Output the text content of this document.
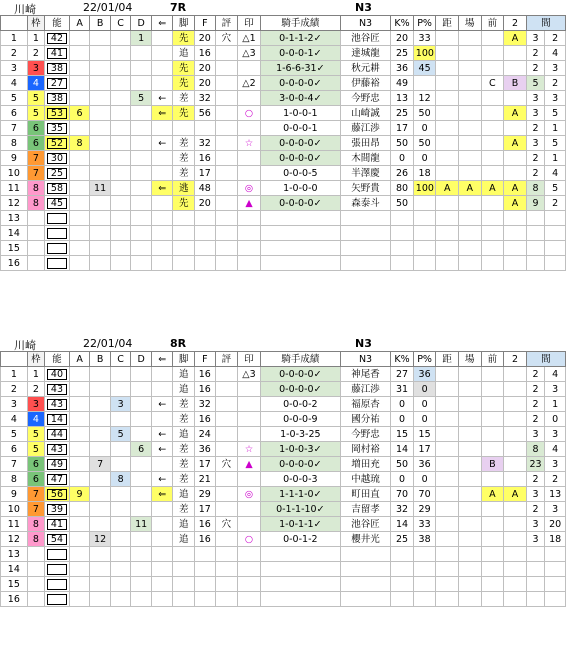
川崎	22/01/04	7R	N3
	枠	能	A	B	C	D	⇐	脚	F	評	印	騎手成績	N3	K%	P%	距	場	前	2	間	
1	1	42				1		先	20	穴	△1	0-1-1-2✓	池谷匠	20	33				A	3	2
2	2	41						追	16		△3	0-0-0-1✓	達城龍	25	100					2	4
3	3	38						先	20			1-6-6-31✓	秋元耕	36	45					2	3
4	4	27						先	20		△2	0-0-0-0✓	伊藤裕	49				C	B	5	2
5	5	38				5	←	差	32			3-0-0-4✓	今野忠	13	12					3	3
6	5	53	6				⇐	先	56		○	1-0-0-1	山崎誠	25	50				A	3	5
7	6	35										0-0-0-1	藤江渉	17	0					2	1
8	6	52	8				←	差	32		☆	0-0-0-0✓	張田昂	50	50				A	3	5
9	7	30						差	16			0-0-0-0✓	木間龍	0	0					2	1
10	7	25						差	17			0-0-0-5	半澤慶	26	18					2	4
11	8	58		11			⇐	逃	48		◎	1-0-0-0	矢野貴	80	100	A	A	A	A	8	5
12	8	45						先	20		▲	0-0-0-0✓	森泰斗	50					A	9	2
13																					
14																					
15																					
16																					
川崎	22/01/04	8R	N3
	枠	能	A	B	C	D	⇐	脚	F	評	印	騎手成績	N3	K%	P%	距	場	前	2	間	
1	1	40						追	16		△3	0-0-0-0✓	神尾香	27	36					2	4
2	2	43						追	16			0-0-0-0✓	藤江渉	31	0					2	3
3	3	43			3		←	差	32			0-0-0-2	福原杏	0	0					2	1
4	4	14						差	16			0-0-0-9	國分祐	0	0					2	0
5	5	44			5		←	追	24			1-0-3-25	今野忠	15	15					3	3
6	5	43				6	←	差	36		☆	1-0-0-3✓	岡村裕	14	17					8	4
7	6	49		7				差	17	穴	▲	0-0-0-0✓	増田充	50	36			B		23	3
8	6	47			8		←	差	21			0-0-0-3	中越琉	0	0					2	2
9	7	56	9				⇐	追	29		◎	1-1-1-0✓	町田直	70	70			A	A	3	13
10	7	39						差	17			0-1-1-10✓	吉留孝	32	29					2	3
11	8	41				11		追	16	穴		1-0-1-1✓	池谷匠	14	33					3	20
12	8	54		12				追	16		○	0-0-1-2	櫻井光	25	38					3	18
13																					
14																					
15																					
16																					
